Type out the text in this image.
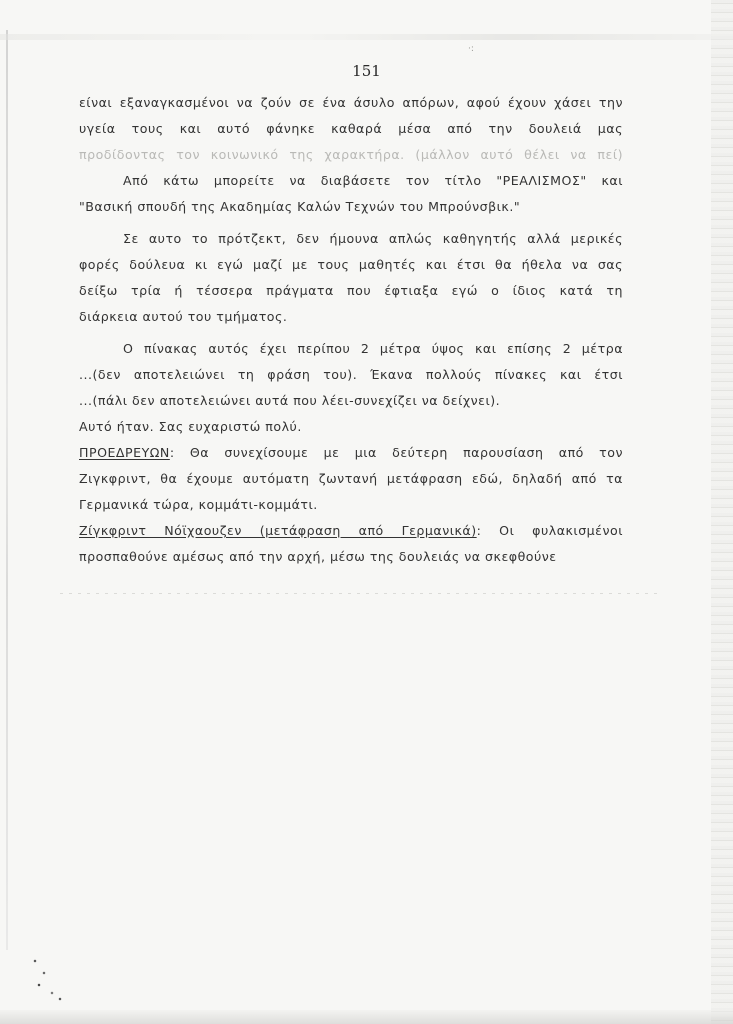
·:
151
είναι εξαναγκασμένοι να ζούν σε ένα άσυλο απόρων, αφού έχουν χάσει την
υγεία τους και αυτό φάνηκε καθαρά μέσα από την δουλειά μας
προδίδοντας τον κοινωνικό της χαρακτήρα. (μάλλον αυτό θέλει να πεί)
Από κάτω μπορείτε να διαβάσετε τον τίτλο "ΡΕΑΛΙΣΜΟΣ" και
"Βασική σπουδή της Ακαδημίας Καλών Τεχνών του Μπρούνσβικ."
Σε αυτο το πρότζεκτ, δεν ήμουνα απλώς καθηγητής αλλά μερικές
φορές δούλευα κι εγώ μαζί με τους μαθητές και έτσι θα ήθελα να σας
δείξω τρία ή τέσσερα πράγματα που έφτιαξα εγώ ο ίδιος κατά τη
διάρκεια αυτού του τμήματος.
Ο πίνακας αυτός έχει περίπου 2 μέτρα ύψος και επίσης 2 μέτρα
...(δεν αποτελειώνει τη φράση του). Έκανα πολλούς πίνακες και έτσι
...(πάλι δεν αποτελειώνει αυτά που λέει-συνεχίζει να δείχνει).
Αυτό ήταν. Σας ευχαριστώ πολύ.
ΠΡΟΕΔΡΕΥΩΝ: Θα συνεχίσουμε με μια δεύτερη παρουσίαση από τον
Ζιγκφριντ, θα έχουμε αυτόματη ζωντανή μετάφραση εδώ, δηλαδή από τα
Γερμανικά τώρα, κομμάτι-κομμάτι.
Ζίγκφριντ Νόϊχαουζεν (μετάφραση από Γερμανικά): Οι φυλακισμένοι
προσπαθούνε αμέσως από την αρχή, μέσω της δουλειάς να σκεφθούνε
